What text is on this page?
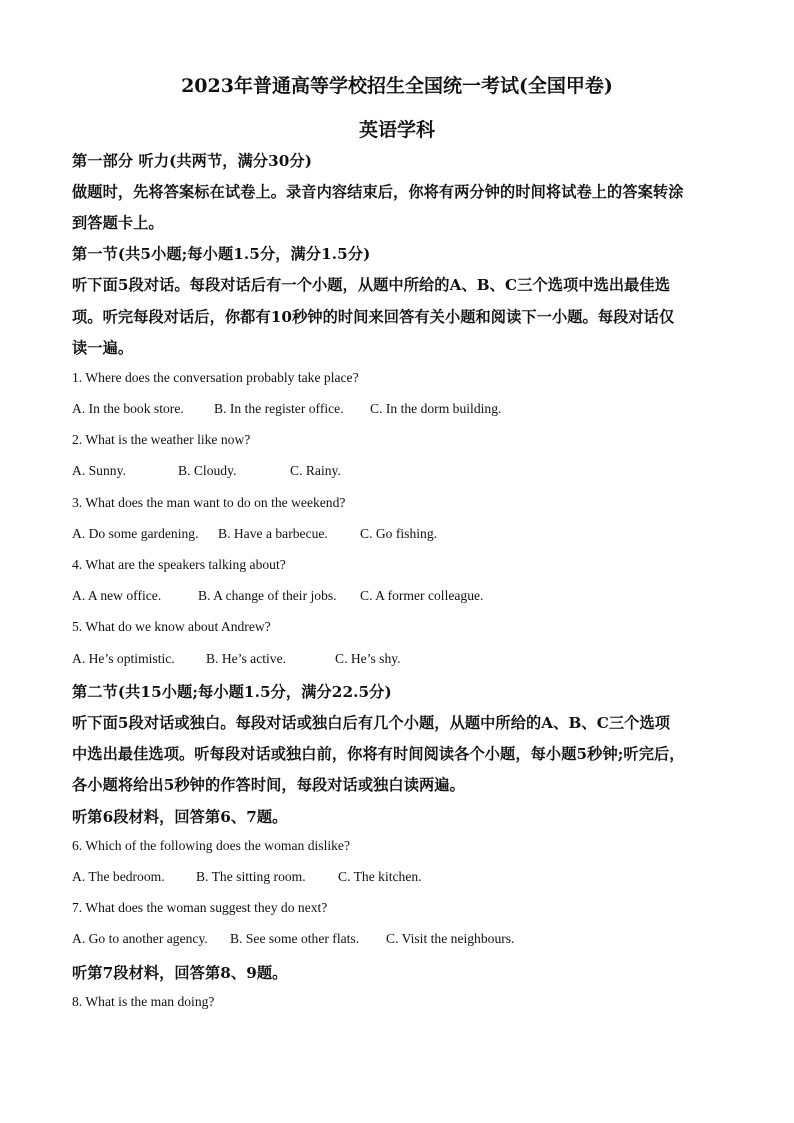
2023年普通高等学校招生全国统一考试(全国甲卷)
英语学科
第一部分 听力(共两节，满分30分)
做题时，先将答案标在试卷上。录音内容结束后，你将有两分钟的时间将试卷上的答案转涂
到答题卡上。
第一节(共5小题;每小题1.5分，满分1.5分)
听下面5段对话。每段对话后有一个小题，从题中所给的A、B、C三个选项中选出最佳选
项。听完每段对话后，你都有10秒钟的时间来回答有关小题和阅读下一小题。每段对话仅
读一遍。
1. Where does the conversation probably take place?
A. In the book store. B. In the register office. C. In the dorm building.
2. What is the weather like now?
A. Sunny.	B. Cloudy.	C. Rainy.
3. What does the man want to do on the weekend?
A. Do some gardening. B. Have a barbecue. C. Go fishing.
4. What are the speakers talking about?
A. A new office.	B. A change of their jobs. C. A former colleague.
5. What do we know about Andrew?
A. He’s optimistic. B. He’s active.	C. He’s shy.
第二节(共15小题;每小题1.5分，满分22.5分)
听下面5段对话或独白。每段对话或独白后有几个小题，从题中所给的A、B、C三个选项
中选出最佳选项。听每段对话或独白前，你将有时间阅读各个小题，每小题5秒钟;听完后，
各小题将给出5秒钟的作答时间，每段对话或独白读两遍。
听第6段材料，回答第6、7题。
6. Which of the following does the woman dislike?
A. The bedroom. B. The sitting room. C. The kitchen.
7. What does the woman suggest they do next?
A. Go to another agency. B. See some other flats. C. Visit the neighbours.
听第7段材料，回答第8、9题。
8. What is the man doing?
